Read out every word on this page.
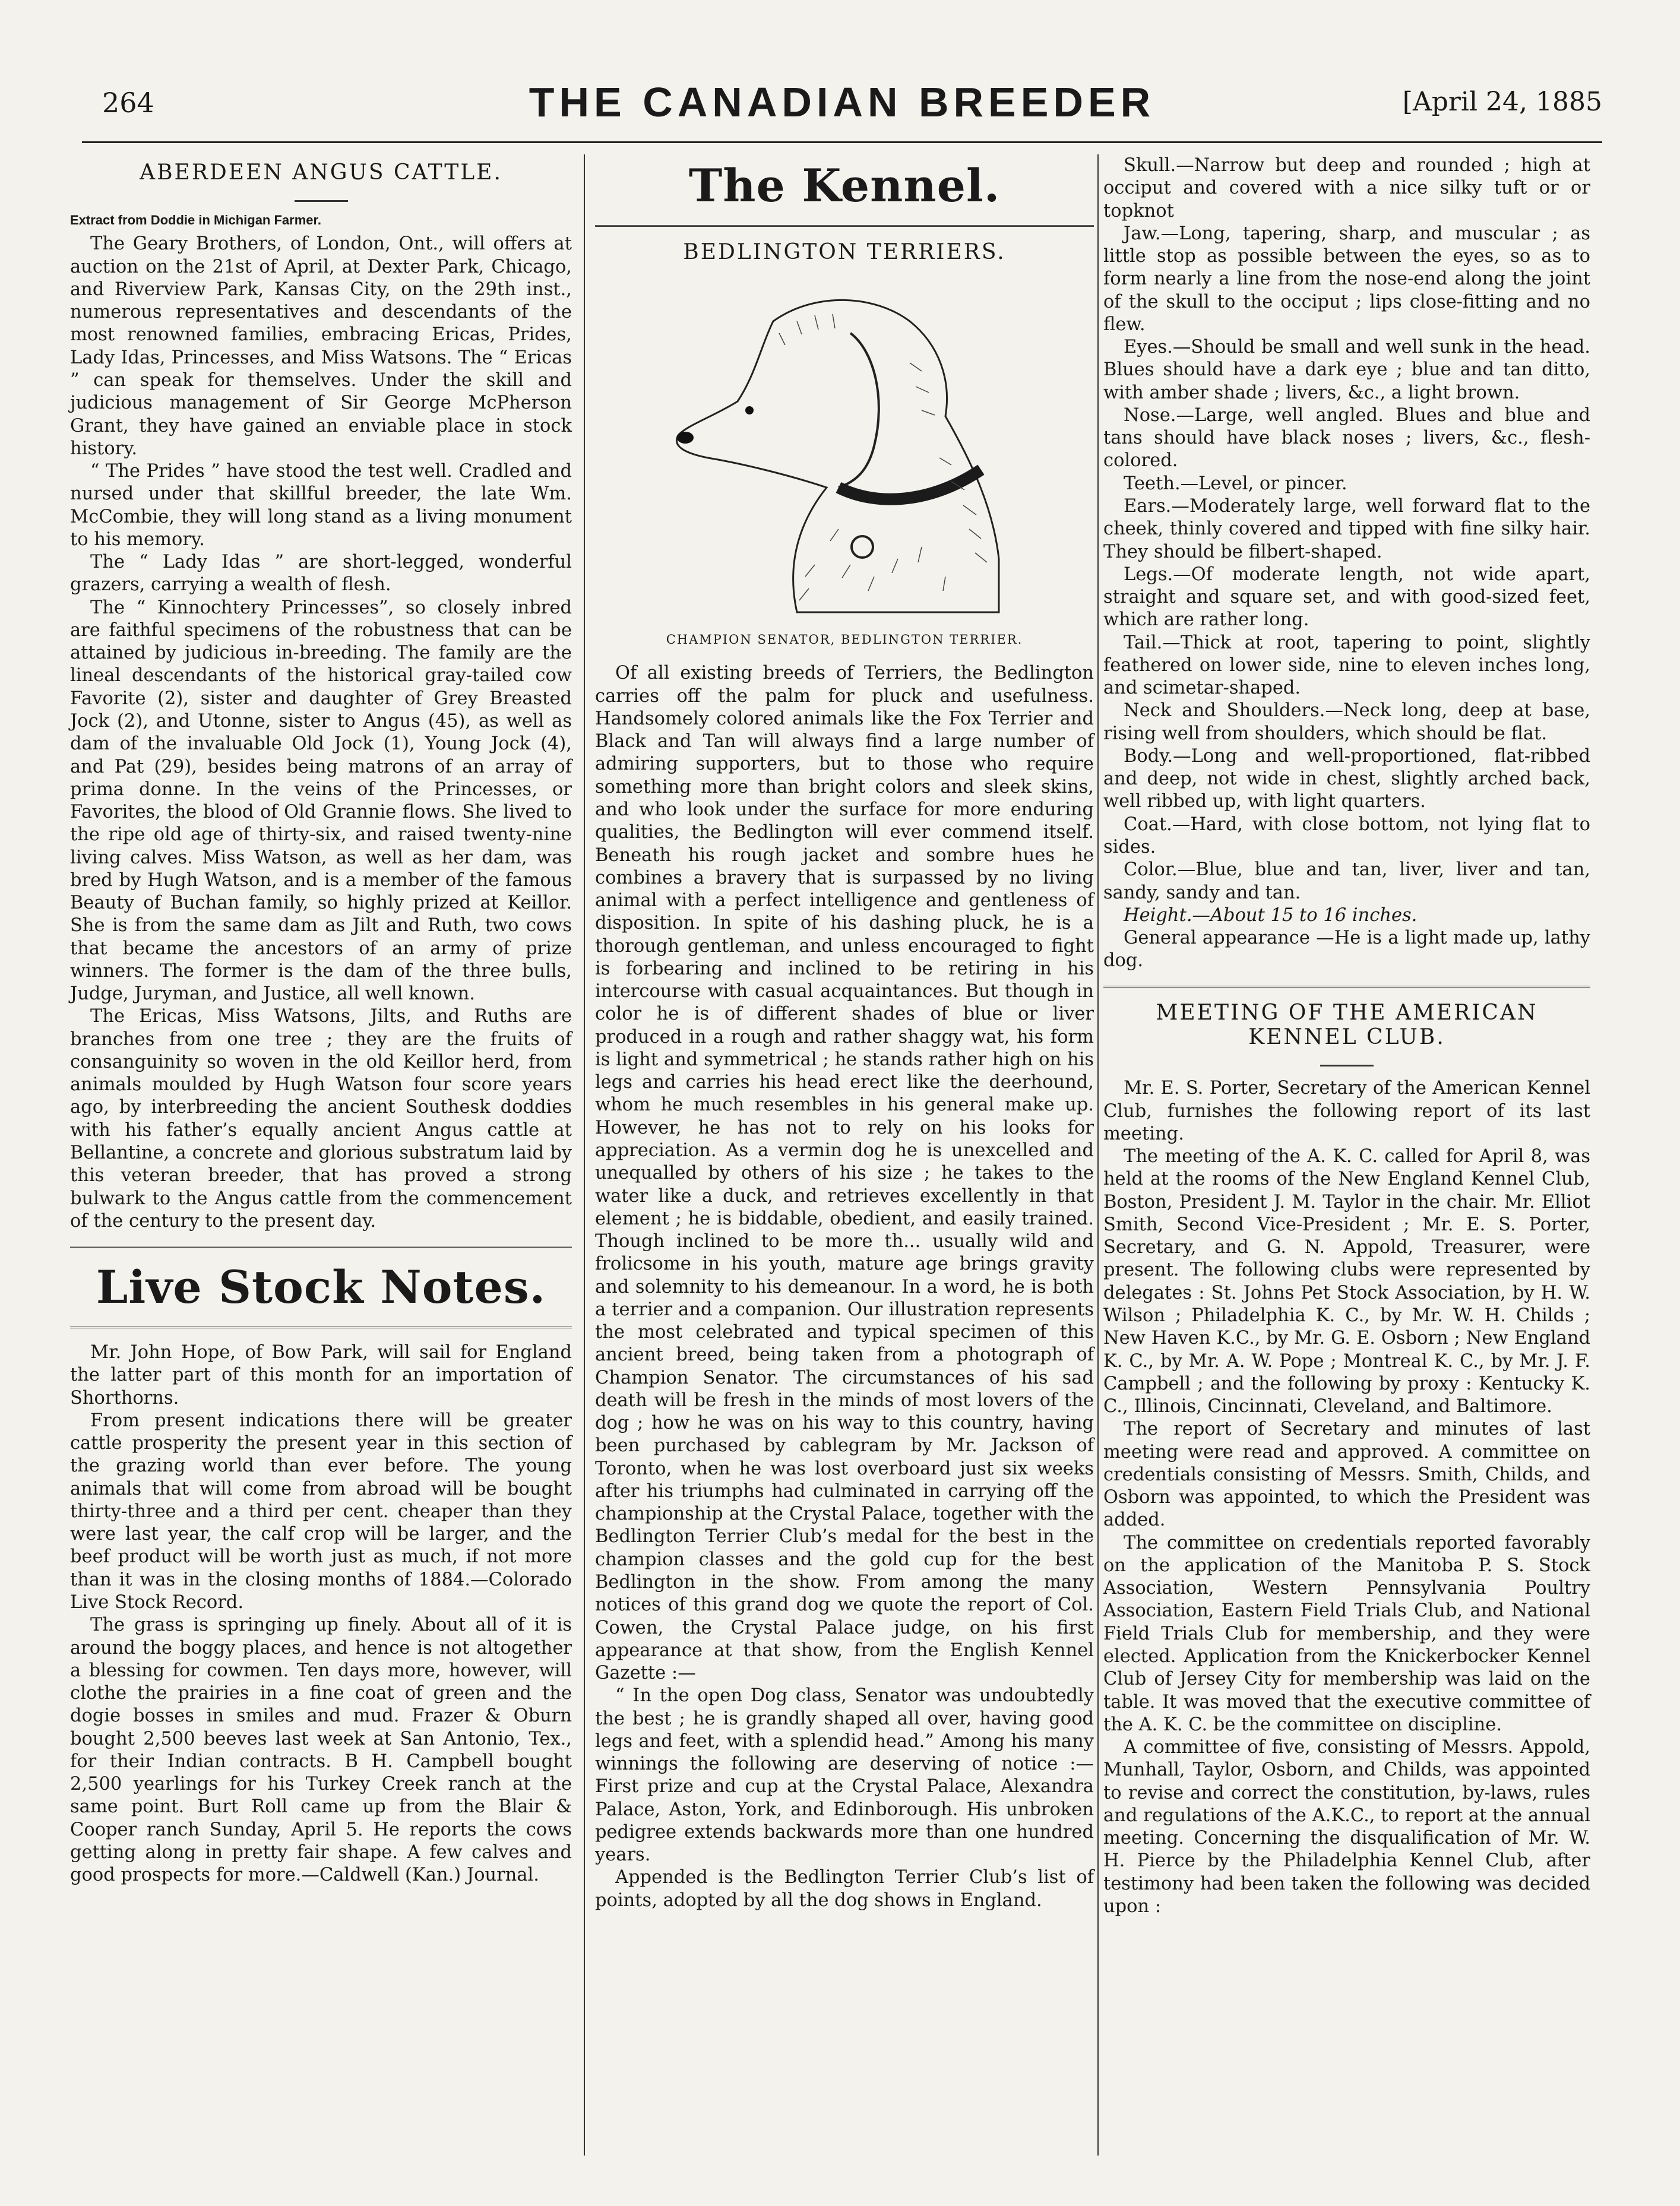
264	THE CANADIAN BREEDER	[April 24, 1885
ABERDEEN ANGUS CATTLE.
Extract from Doddie in Michigan Farmer.

The Geary Brothers, of London, Ont., will offers at auction on the 21st of April, at Dexter Park, Chicago, and Riverview Park, Kansas City, on the 29th inst., numerous representatives and descendants of the most renowned families, embracing Ericas, Prides, Lady Idas, Princesses, and Miss Watsons. The “ Ericas ” can speak for themselves. Under the skill and judicious management of Sir George McPherson Grant, they have gained an enviable place in stock history.

“ The Prides ” have stood the test well. Cradled and nursed under that skillful breeder, the late Wm. McCombie, they will long stand as a living monument to his memory.

The “ Lady Idas ” are short-legged, wonderful grazers, carrying a wealth of flesh.

The “ Kinnochtery Princesses”, so closely inbred are faithful specimens of the robustness that can be attained by judicious in-breeding. The family are the lineal descendants of the historical gray-tailed cow Favorite (2), sister and daughter of Grey Breasted Jock (2), and Utonne, sister to Angus (45), as well as dam of the invaluable Old Jock (1), Young Jock (4), and Pat (29), besides being matrons of an array of prima donne. In the veins of the Princesses, or Favorites, the blood of Old Grannie flows. She lived to the ripe old age of thirty-six, and raised twenty-nine living calves. Miss Watson, as well as her dam, was bred by Hugh Watson, and is a member of the famous Beauty of Buchan family, so highly prized at Keillor. She is from the same dam as Jilt and Ruth, two cows that became the ancestors of an army of prize winners. The former is the dam of the three bulls, Judge, Juryman, and Justice, all well known.

The Ericas, Miss Watsons, Jilts, and Ruths are branches from one tree ; they are the fruits of consanguinity so woven in the old Keillor herd, from animals moulded by Hugh Watson four score years ago, by interbreeding the ancient Southesk doddies with his father’s equally ancient Angus cattle at Bellantine, a concrete and glorious substratum laid by this veteran breeder, that has proved a strong bulwark to the Angus cattle from the commencement of the century to the present day.

Live Stock Notes.

Mr. John Hope, of Bow Park, will sail for England the latter part of this month for an importation of Shorthorns.

From present indications there will be greater cattle prosperity the present year in this section of the grazing world than ever before. The young animals that will come from abroad will be bought thirty-three and a third per cent. cheaper than they were last year, the calf crop will be larger, and the beef product will be worth just as much, if not more than it was in the closing months of 1884.—Colorado Live Stock Record.

The grass is springing up finely. About all of it is around the boggy places, and hence is not altogether a blessing for cowmen. Ten days more, however, will clothe the prairies in a fine coat of green and the dogie bosses in smiles and mud. Frazer & Oburn bought 2,500 beeves last week at San Antonio, Tex., for their Indian contracts. B H. Campbell bought 2,500 yearlings for his Turkey Creek ranch at the same point. Burt Roll came up from the Blair & Cooper ranch Sunday, April 5. He reports the cows getting along in pretty fair shape. A few calves and good prospects for more.—Caldwell (Kan.) Journal.

The Kennel.
BEDLINGTON TERRIERS.
CHAMPION SENATOR, BEDLINGTON TERRIER.

Of all existing breeds of Terriers, the Bedlington carries off the palm for pluck and usefulness. Handsomely colored animals like the Fox Terrier and Black and Tan will always find a large number of admiring supporters, but to those who require something more than bright colors and sleek skins, and who look under the surface for more enduring qualities, the Bedlington will ever commend itself. Beneath his rough jacket and sombre hues he combines a bravery that is surpassed by no living animal with a perfect intelligence and gentleness of disposition. In spite of his dashing pluck, he is a thorough gentleman, and unless encouraged to fight is forbearing and inclined to be retiring in his intercourse with casual acquaintances. But though in color he is of different shades of blue or liver produced in a rough and rather shaggy wat, his form is light and symmetrical ; he stands rather high on his legs and carries his head erect like the deerhound, whom he much resembles in his general make up. However, he has not to rely on his looks for appreciation. As a vermin dog he is unexcelled and unequalled by others of his size ; he takes to the water like a duck, and retrieves excellently in that element ; he is biddable, obedient, and easily trained. Though inclined to be more th... usually wild and frolicsome in his youth, mature age brings gravity and solemnity to his demeanour. In a word, he is both a terrier and a companion. Our illustration represents the most celebrated and typical specimen of this ancient breed, being taken from a photograph of Champion Senator. The circumstances of his sad death will be fresh in the minds of most lovers of the dog ; how he was on his way to this country, having been purchased by cablegram by Mr. Jackson of Toronto, when he was lost overboard just six weeks after his triumphs had culminated in carrying off the championship at the Crystal Palace, together with the Bedlington Terrier Club’s medal for the best in the champion classes and the gold cup for the best Bedlington in the show. From among the many notices of this grand dog we quote the report of Col. Cowen, the Crystal Palace judge, on his first appearance at that show, from the English Kennel Gazette :—

“ In the open Dog class, Senator was undoubtedly the best ; he is grandly shaped all over, having good legs and feet, with a splendid head.” Among his many winnings the following are deserving of notice :—First prize and cup at the Crystal Palace, Alexandra Palace, Aston, York, and Edinborough. His unbroken pedigree extends backwards more than one hundred years.

Appended is the Bedlington Terrier Club’s list of points, adopted by all the dog shows in England.

Skull.—Narrow but deep and rounded ; high at occiput and covered with a nice silky tuft or or topknot

Jaw.—Long, tapering, sharp, and muscular ; as little stop as possible between the eyes, so as to form nearly a line from the nose-end along the joint of the skull to the occiput ; lips close-fitting and no flew.

Eyes.—Should be small and well sunk in the head. Blues should have a dark eye ; blue and tan ditto, with amber shade ; livers, &c., a light brown.

Nose.—Large, well angled. Blues and blue and tans should have black noses ; livers, &c., flesh-colored.

Teeth.—Level, or pincer.

Ears.—Moderately large, well forward flat to the cheek, thinly covered and tipped with fine silky hair. They should be filbert-shaped.

Legs.—Of moderate length, not wide apart, straight and square set, and with good-sized feet, which are rather long.

Tail.—Thick at root, tapering to point, slightly feathered on lower side, nine to eleven inches long, and scimetar-shaped.

Neck and Shoulders.—Neck long, deep at base, rising well from shoulders, which should be flat.

Body.—Long and well-proportioned, flat-ribbed and deep, not wide in chest, slightly arched back, well ribbed up, with light quarters.

Coat.—Hard, with close bottom, not lying flat to sides.

Color.—Blue, blue and tan, liver, liver and tan, sandy, sandy and tan.

Height.—About 15 to 16 inches.

General appearance —He is a light made up, lathy dog.

MEETING OF THE AMERICAN
KENNEL CLUB.

Mr. E. S. Porter, Secretary of the American Kennel Club, furnishes the following report of its last meeting.

The meeting of the A. K. C. called for April 8, was held at the rooms of the New England Kennel Club, Boston, President J. M. Taylor in the chair. Mr. Elliot Smith, Second Vice-President ; Mr. E. S. Porter, Secretary, and G. N. Appold, Treasurer, were present. The following clubs were represented by delegates : St. Johns Pet Stock Association, by H. W. Wilson ; Philadelphia K. C., by Mr. W. H. Childs ; New Haven K.C., by Mr. G. E. Osborn ; New England K. C., by Mr. A. W. Pope ; Montreal K. C., by Mr. J. F. Campbell ; and the following by proxy : Kentucky K. C., Illinois, Cincinnati, Cleveland, and Baltimore.

The report of Secretary and minutes of last meeting were read and approved. A committee on credentials consisting of Messrs. Smith, Childs, and Osborn was appointed, to which the President was added.

The committee on credentials reported favorably on the application of the Manitoba P. S. Stock Association, Western Pennsylvania Poultry Association, Eastern Field Trials Club, and National Field Trials Club for membership, and they were elected. Application from the Knickerbocker Kennel Club of Jersey City for membership was laid on the table. It was moved that the executive committee of the A. K. C. be the committee on discipline.

A committee of five, consisting of Messrs. Appold, Munhall, Taylor, Osborn, and Childs, was appointed to revise and correct the constitution, by-laws, rules and regulations of the A.K.C., to report at the annual meeting. Concerning the disqualification of Mr. W. H. Pierce by the Philadelphia Kennel Club, after testimony had been taken the following was decided upon :
